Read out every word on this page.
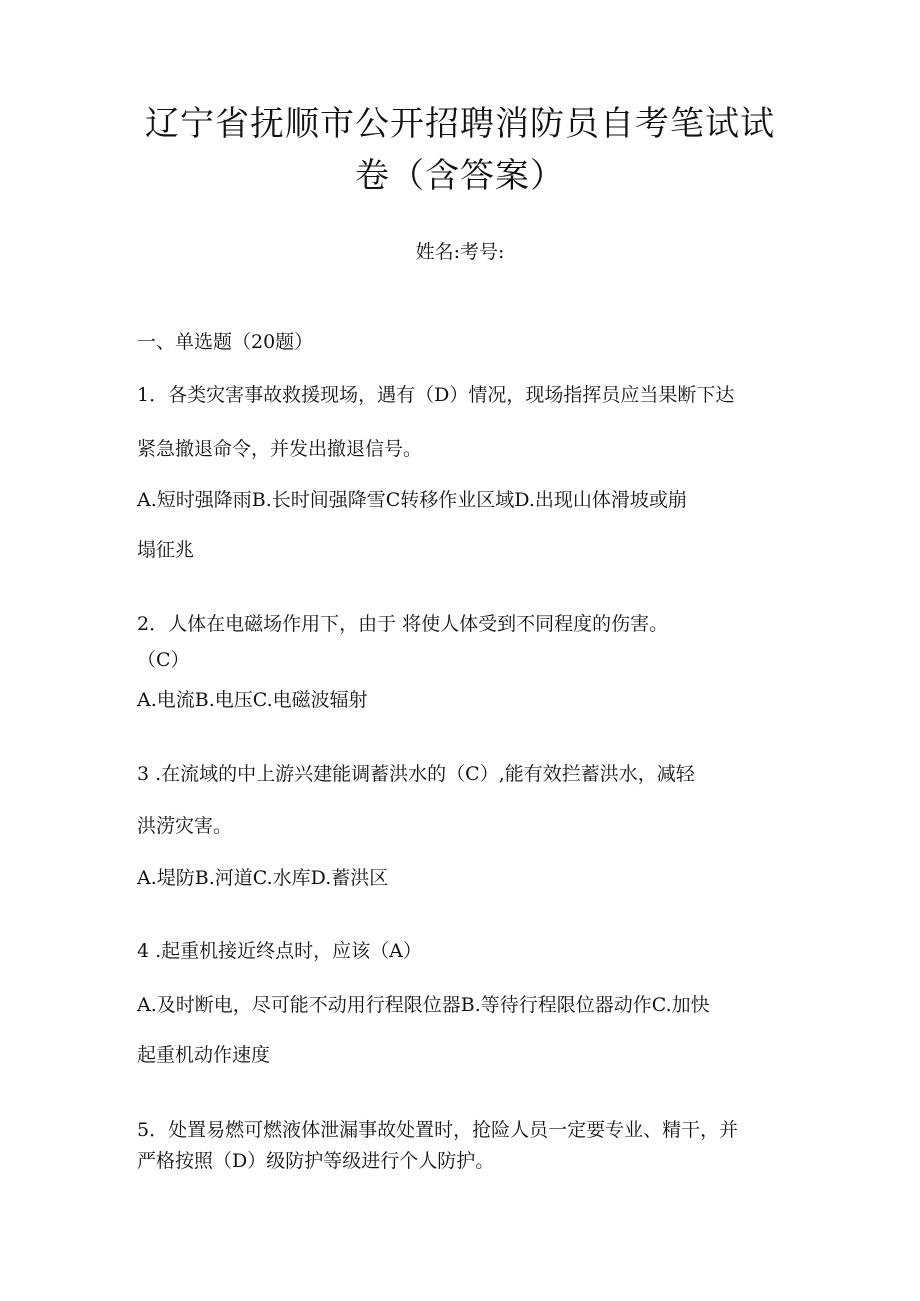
辽宁省抚顺市公开招聘消防员自考笔试试
卷（含答案）
姓名:考号:
一、单选题（20题）
1．各类灾害事故救援现场，遇有（D）情况，现场指挥员应当果断下达
紧急撤退命令，并发出撤退信号。
A.短时强降雨B.长时间强降雪C转移作业区域D.出现山体滑坡或崩
塌征兆
2．人体在电磁场作用下，由于 将使人体受到不同程度的伤害。
（C）
A.电流B.电压C.电磁波辐射
3 .在流域的中上游兴建能调蓄洪水的（C）,能有效拦蓄洪水，减轻
洪涝灾害。
A.堤防B.河道C.水库D.蓄洪区
4 .起重机接近终点时，应该（A）
A.及时断电，尽可能不动用行程限位器B.等待行程限位器动作C.加快
起重机动作速度
5．处置易燃可燃液体泄漏事故处置时，抢险人员一定要专业、精干，并
严格按照（D）级防护等级进行个人防护。
